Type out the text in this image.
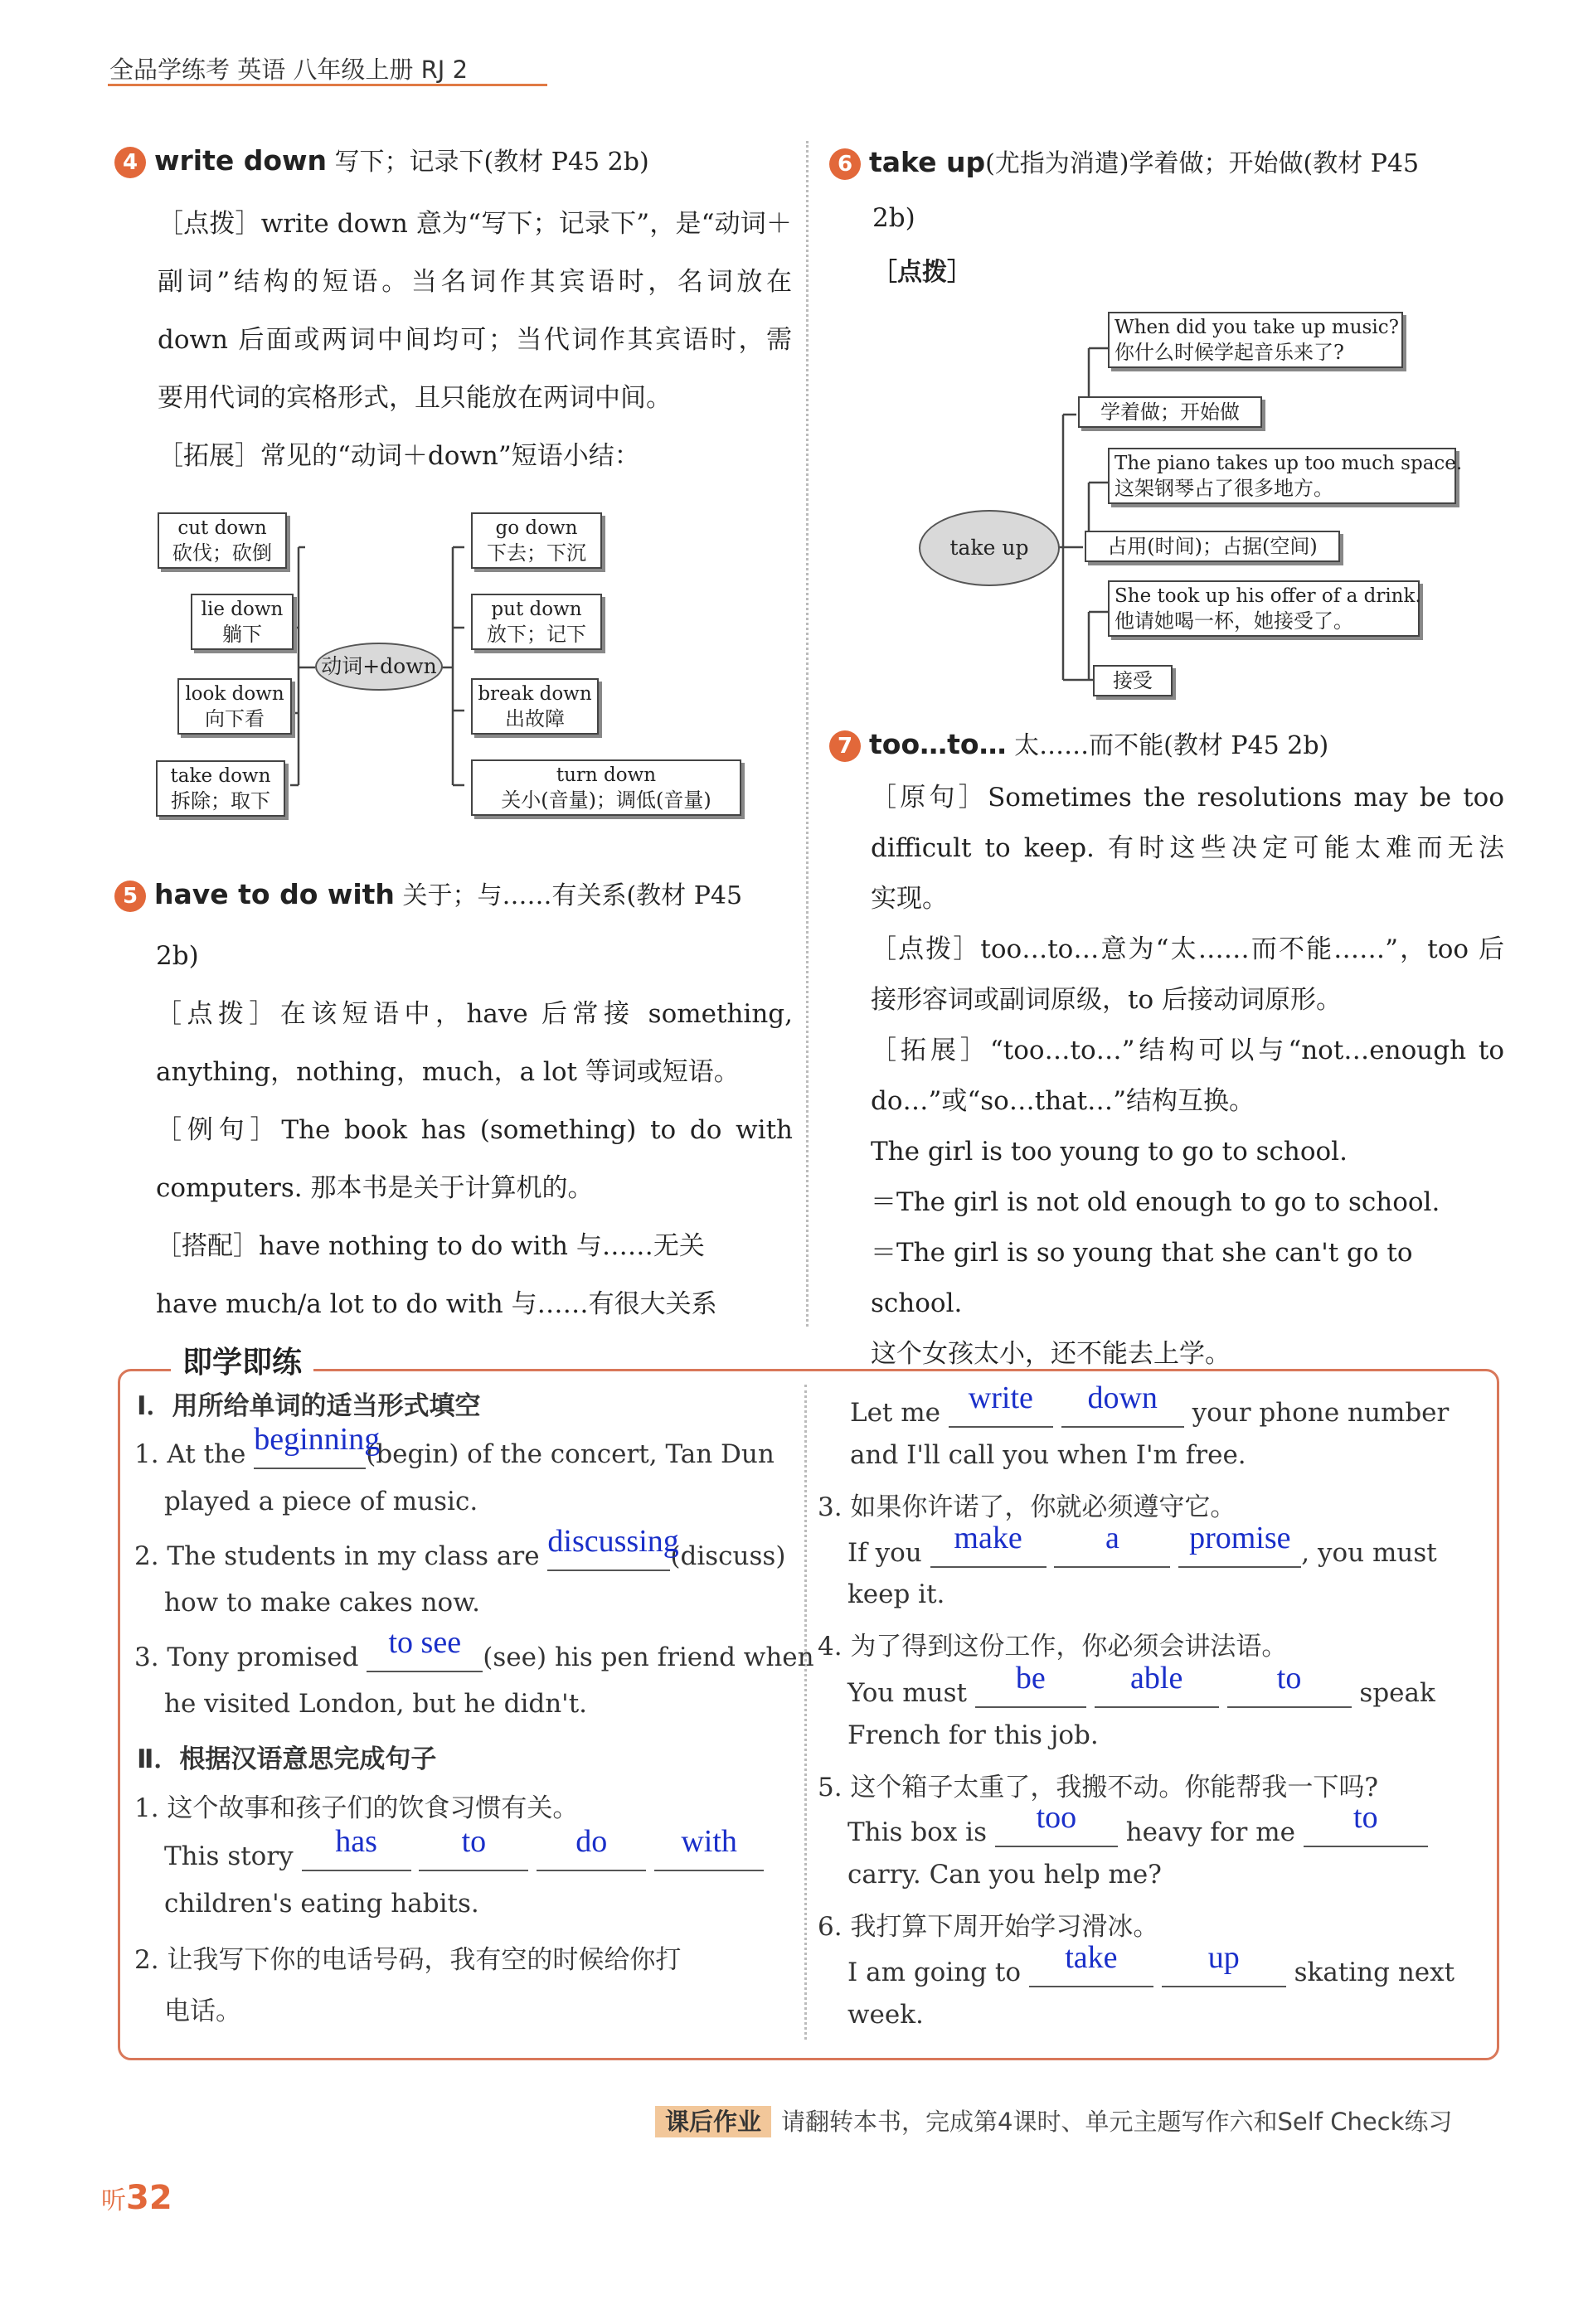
全品学练考 英语 八年级上册 RJ 2
4 write down 写下；记录下(教材 P45 2b)

［点拨］write down 意为“写下；记录下”，是“动词＋

副词”结构的短语。当名词作其宾语时，名词放在

down 后面或两词中间均可；当代词作其宾语时，需

要用代词的宾格形式，且只能放在两词中间。

［拓展］常见的“动词＋down”短语小结：

动词+down
cut down
砍伐；砍倒
lie down
躺下
look down
向下看
take down
拆除；取下
go down
下去；下沉
put down
放下；记下
break down
出故障
turn down
关小(音量)；调低(音量)
5 have to do with 关于；与……有关系(教材 P45

2b)

［点拨］在该短语中，have 后常接 something,

anything，nothing，much，a lot 等词或短语。

［例句］The book has (something) to do with

computers. 那本书是关于计算机的。

［搭配］have nothing to do with 与……无关

have much/a lot to do with 与……有很大关系

6 take up(尤指为消遣)学着做；开始做(教材 P45

2b)

［点拨］

take up
When did you take up music?
你什么时候学起音乐来了?
学着做；开始做
The piano takes up too much space.
这架钢琴占了很多地方。
占用(时间)；占据(空间)
She took up his offer of a drink.
他请她喝一杯，她接受了。
接受
7 too…to… 太……而不能(教材 P45 2b)

［原句］Sometimes the resolutions may be too

difficult to keep. 有时这些决定可能太难而无法

实现。

［点拨］too…to…意为“太……而不能……”，too 后

接形容词或副词原级，to 后接动词原形。

［拓展］“too…to…”结构可以与“not…enough to

do…”或“so…that…”结构互换。

The girl is too young to go to school.

＝The girl is not old enough to go to school.

＝The girl is so young that she can't go to school.

这个女孩太小，还不能去上学。

即学即练
Ⅰ．用所给单词的适当形式填空
1. At the beginning
(begin) of the concert, Tan Dun
played a piece of music.
2. The students in my class are discussing
(discuss)
how to make cakes now.
3. Tony promised to see (see) his pen friend when
he visited London, but he didn't.
Ⅱ．根据汉语意思完成句子
1. 这个故事和孩子们的饮食习惯有关。
This story	has
	to
	do
	with
children's eating habits.
2. 让我写下你的电话号码，我有空的时候给你打
电话。
Let me write
	down	your phone number
and I'll call you when I'm free.
3. 如果你许诺了，你就必须遵守它。
If you	make
	a
	promise , you must
keep it.
4. 为了得到这份工作，你必须会讲法语。
You must	be
	able
	to	speak
French for this job.
5. 这个箱子太重了，我搬不动。你能帮我一下吗?
This box is	too	heavy for me	to
carry. Can you help me?
6. 我打算下周开始学习滑冰。
I am going to	take
	up	skating next
week.
课后作业 请翻转本书，完成第4课时、单元主题写作六和Self Check练习
听32
